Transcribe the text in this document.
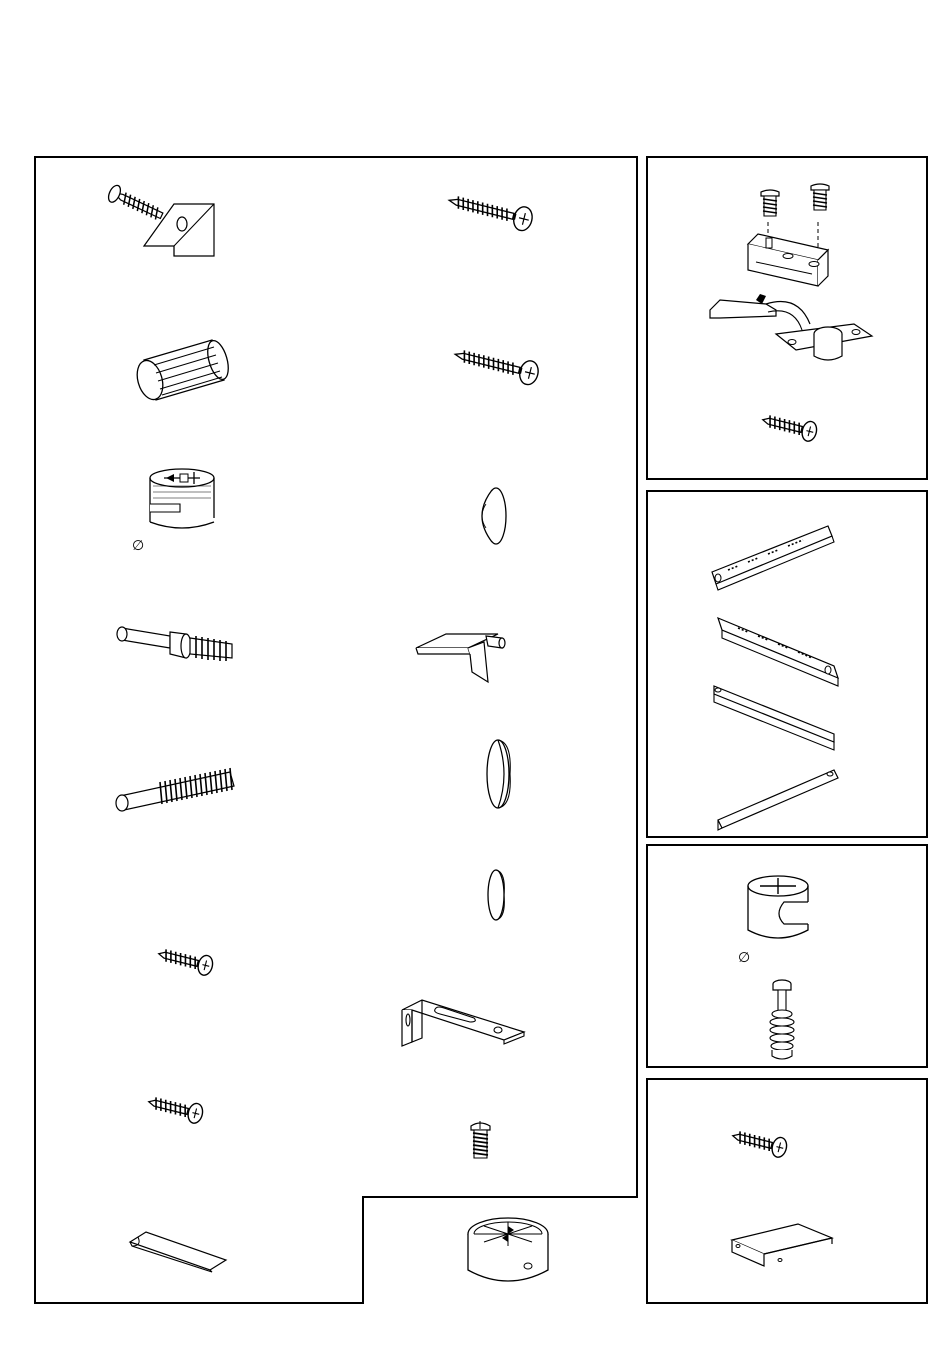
∅
∅
